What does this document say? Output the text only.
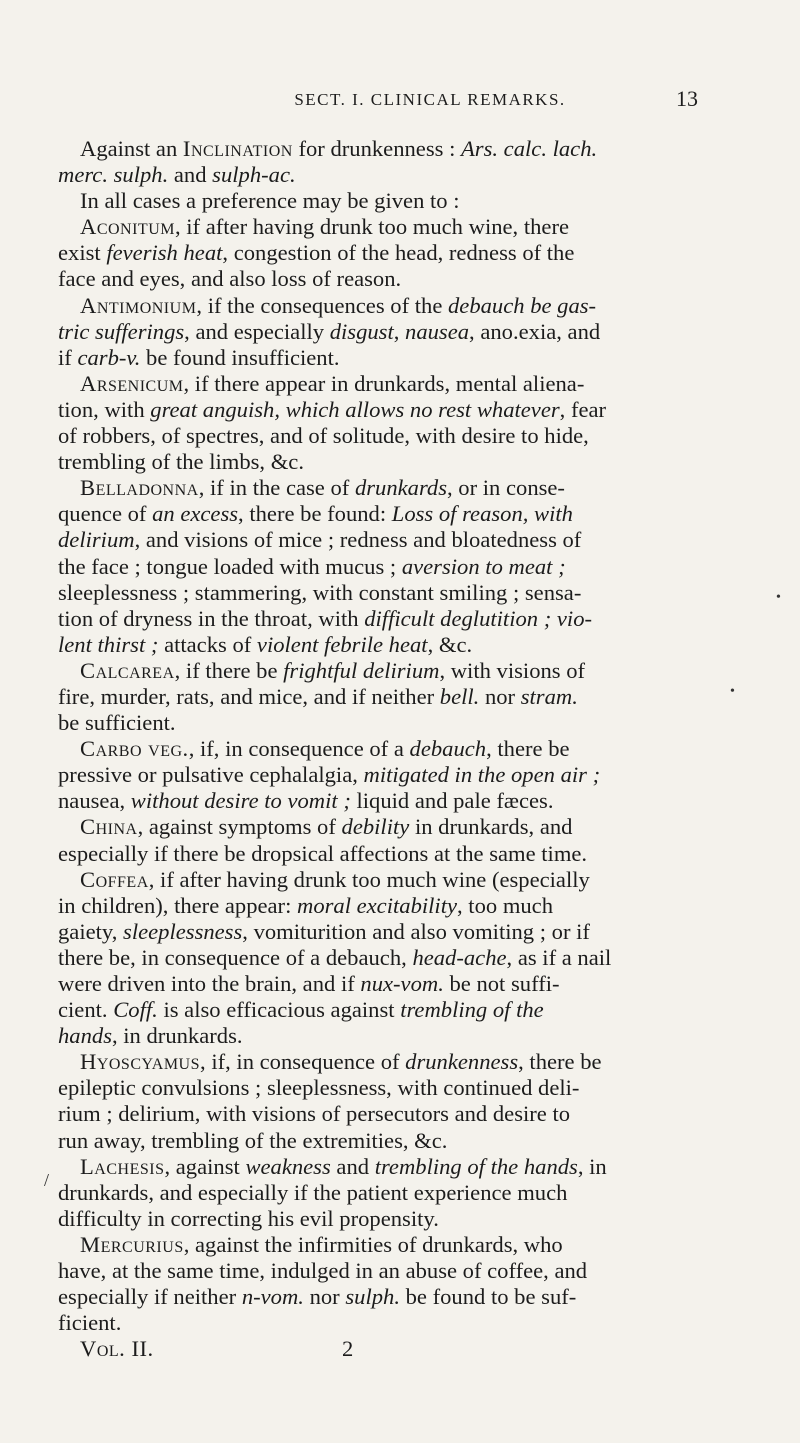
SECT. I. CLINICAL REMARKS.	13
Against an Inclination for drunkenness : Ars. calc. lach.
merc. sulph. and sulph-ac.
In all cases a preference may be given to :
Aconitum, if after having drunk too much wine, there
exist feverish heat, congestion of the head, redness of the
face and eyes, and also loss of reason.
Antimonium, if the consequences of the debauch be gas-
tric sufferings, and especially disgust, nausea, ano.exia, and
if carb-v. be found insufficient.
Arsenicum, if there appear in drunkards, mental aliena-
tion, with great anguish, which allows no rest whatever, fear
of robbers, of spectres, and of solitude, with desire to hide,
trembling of the limbs, &c.
Belladonna, if in the case of drunkards, or in conse-
quence of an excess, there be found: Loss of reason, with
delirium, and visions of mice ; redness and bloatedness of
the face ; tongue loaded with mucus ; aversion to meat ;
sleeplessness ; stammering, with constant smiling ; sensa-
tion of dryness in the throat, with difficult deglutition ; vio-
lent thirst ; attacks of violent febrile heat, &c.
Calcarea, if there be frightful delirium, with visions of
fire, murder, rats, and mice, and if neither bell. nor stram.
be sufficient.
Carbo veg., if, in consequence of a debauch, there be
pressive or pulsative cephalalgia, mitigated in the open air ;
nausea, without desire to vomit ; liquid and pale fæces.
China, against symptoms of debility in drunkards, and
especially if there be dropsical affections at the same time.
Coffea, if after having drunk too much wine (especially
in children), there appear: moral excitability, too much
gaiety, sleeplessness, vomiturition and also vomiting ; or if
there be, in consequence of a debauch, head-ache, as if a nail
were driven into the brain, and if nux-vom. be not suffi-
cient. Coff. is also efficacious against trembling of the
hands, in drunkards.
Hyoscyamus, if, in consequence of drunkenness, there be
epileptic convulsions ; sleeplessness, with continued deli-
rium ; delirium, with visions of persecutors and desire to
run away, trembling of the extremities, &c.
Lachesis, against weakness and trembling of the hands, in
drunkards, and especially if the patient experience much
difficulty in correcting his evil propensity.
Mercurius, against the infirmities of drunkards, who
have, at the same time, indulged in an abuse of coffee, and
especially if neither n-vom. nor sulph. be found to be suf-
ficient.
Vol. II.	2
•
•
/
